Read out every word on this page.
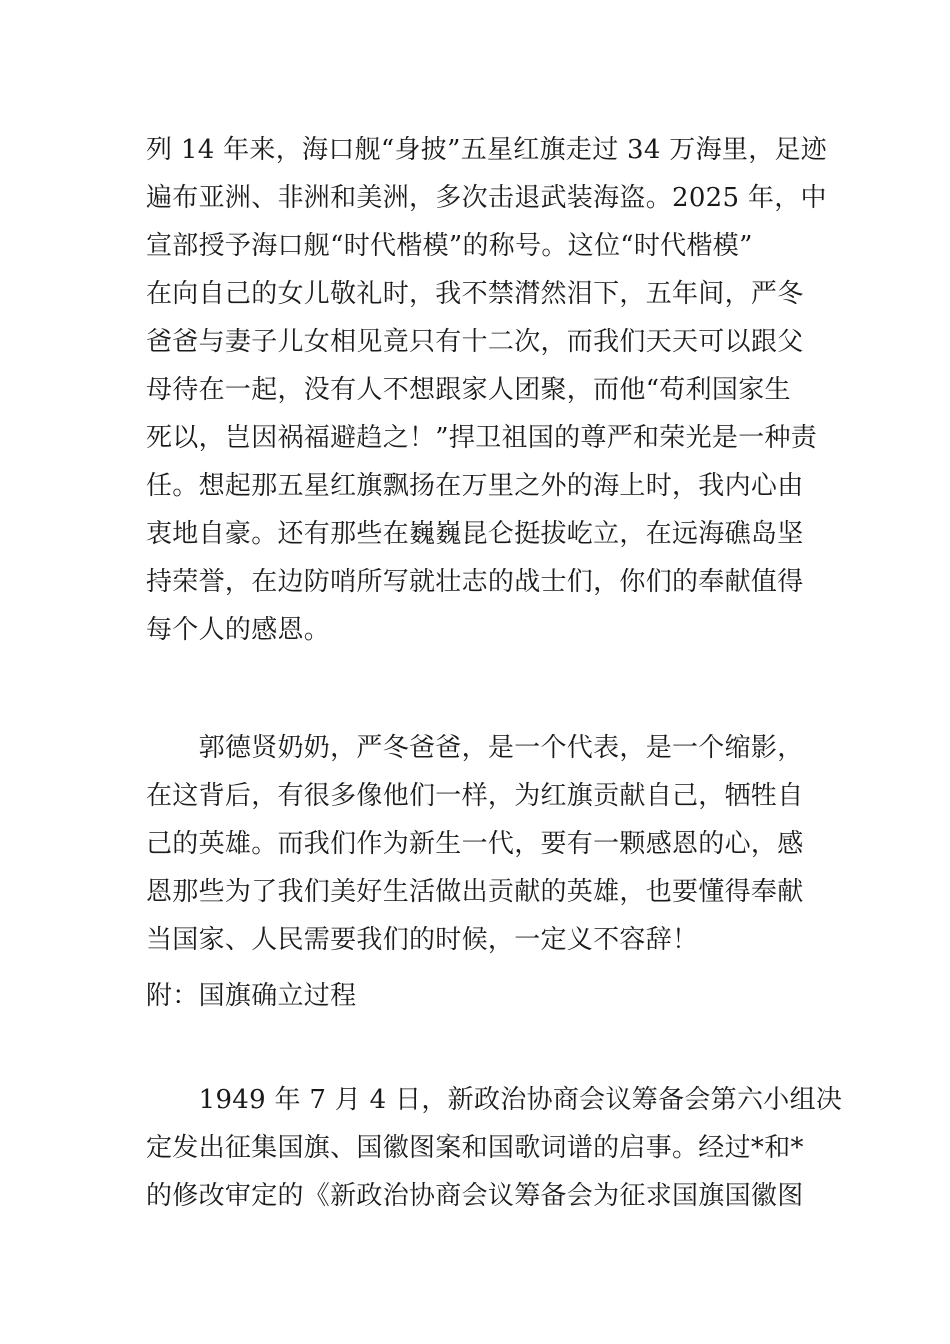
列 14 年来，海口舰“身披”五星红旗走过 34 万海里，足迹
遍布亚洲、非洲和美洲，多次击退武装海盗。2025 年，中
宣部授予海口舰“时代楷模”的称号。这位“时代楷模”
在向自己的女儿敬礼时，我不禁潸然泪下，五年间，严冬
爸爸与妻子儿女相见竟只有十二次，而我们天天可以跟父
母待在一起，没有人不想跟家人团聚，而他“苟利国家生
死以，岂因祸福避趋之！”捍卫祖国的尊严和荣光是一种责
任。想起那五星红旗飘扬在万里之外的海上时，我内心由
衷地自豪。还有那些在巍巍昆仑挺拔屹立，在远海礁岛坚
持荣誉，在边防哨所写就壮志的战士们，你们的奉献值得
每个人的感恩。
　　郭德贤奶奶，严冬爸爸，是一个代表，是一个缩影，
在这背后，有很多像他们一样，为红旗贡献自己，牺牲自
己的英雄。而我们作为新生一代，要有一颗感恩的心，感
恩那些为了我们美好生活做出贡献的英雄，也要懂得奉献
当国家、人民需要我们的时候，一定义不容辞！
附：国旗确立过程
　　1949 年 7 月 4 日，新政治协商会议筹备会第六小组决
定发出征集国旗、国徽图案和国歌词谱的启事。经过*和*
的修改审定的《新政治协商会议筹备会为征求国旗国徽图
